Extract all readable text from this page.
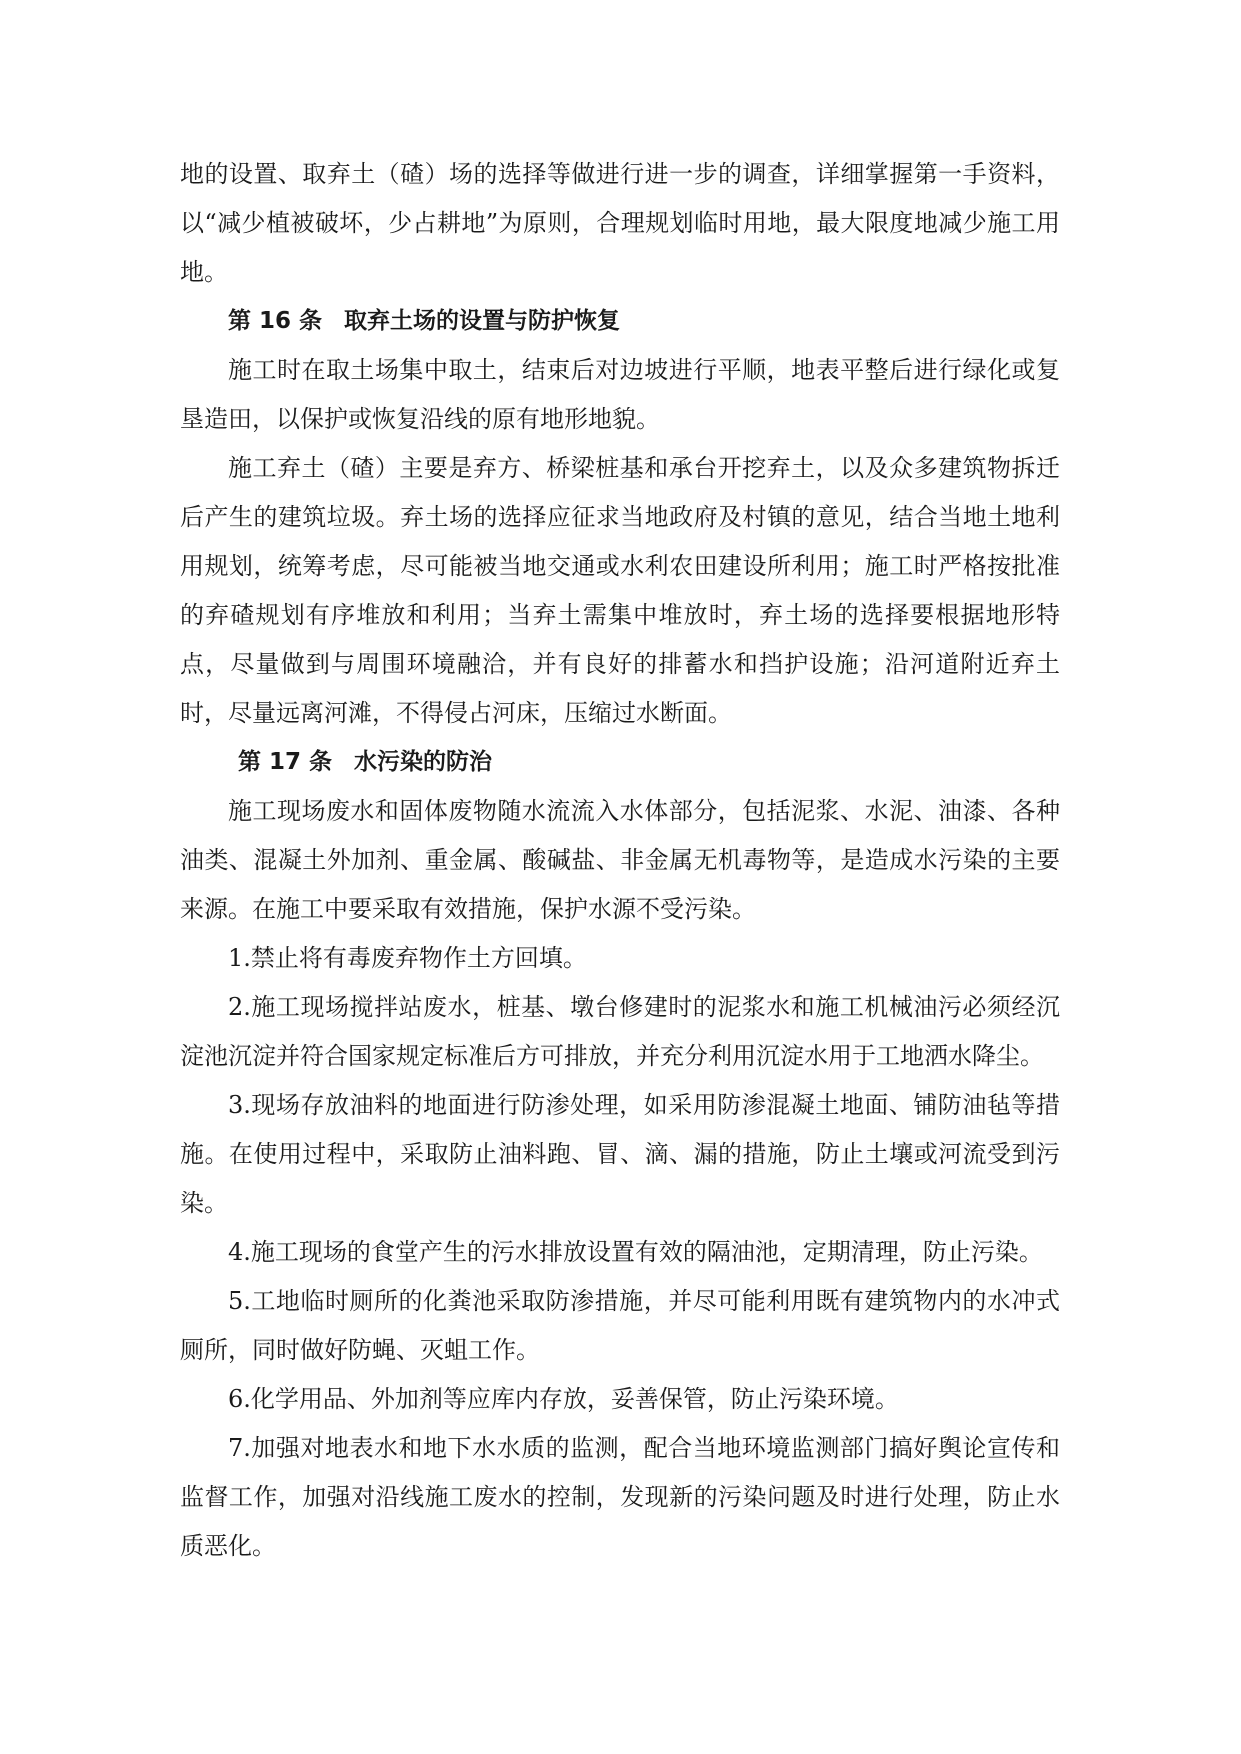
地的设置、取弃土（碴）场的选择等做进行进一步的调查，详细掌握第一手资料，以“减少植被破坏，少占耕地”为原则，合理规划临时用地，最大限度地减少施工用地。

第 16 条 取弃土场的设置与防护恢复

施工时在取土场集中取土，结束后对边坡进行平顺，地表平整后进行绿化或复垦造田，以保护或恢复沿线的原有地形地貌。

施工弃土（碴）主要是弃方、桥梁桩基和承台开挖弃土，以及众多建筑物拆迁后产生的建筑垃圾。弃土场的选择应征求当地政府及村镇的意见，结合当地土地利用规划，统筹考虑，尽可能被当地交通或水利农田建设所利用；施工时严格按批准的弃碴规划有序堆放和利用；当弃土需集中堆放时，弃土场的选择要根据地形特点，尽量做到与周围环境融洽，并有良好的排蓄水和挡护设施；沿河道附近弃土时，尽量远离河滩，不得侵占河床，压缩过水断面。

第 17 条 水污染的防治

施工现场废水和固体废物随水流流入水体部分，包括泥浆、水泥、油漆、各种油类、混凝土外加剂、重金属、酸碱盐、非金属无机毒物等，是造成水污染的主要来源。在施工中要采取有效措施，保护水源不受污染。

1.禁止将有毒废弃物作土方回填。

2.施工现场搅拌站废水，桩基、墩台修建时的泥浆水和施工机械油污必须经沉淀池沉淀并符合国家规定标准后方可排放，并充分利用沉淀水用于工地洒水降尘。

3.现场存放油料的地面进行防渗处理，如采用防渗混凝土地面、铺防油毡等措施。在使用过程中，采取防止油料跑、冒、滴、漏的措施，防止土壤或河流受到污染。

4.施工现场的食堂产生的污水排放设置有效的隔油池，定期清理，防止污染。

5.工地临时厕所的化粪池采取防渗措施，并尽可能利用既有建筑物内的水冲式厕所，同时做好防蝇、灭蛆工作。

6.化学用品、外加剂等应库内存放，妥善保管，防止污染环境。

7.加强对地表水和地下水水质的监测，配合当地环境监测部门搞好舆论宣传和监督工作，加强对沿线施工废水的控制，发现新的污染问题及时进行处理，防止水质恶化。
